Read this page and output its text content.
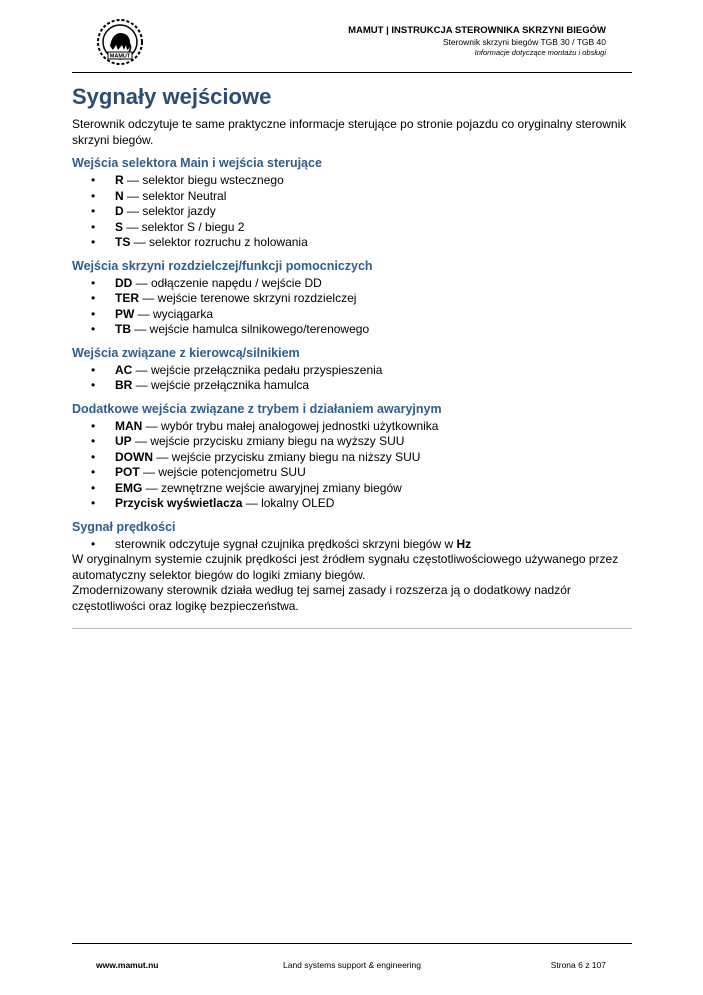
MAMUT
MAMUT | INSTRUKCJA STEROWNIKA SKRZYNI BIEGÓW
Sterownik skrzyni biegów TGB 30 / TGB 40
Informacje dotyczące montażu i obsługi
Sygnały wejściowe

Sterownik odczytuje te same praktyczne informacje sterujące po stronie pojazdu co oryginalny sterownik skrzyni biegów.

Wejścia selektora Main i wejścia sterujące
• R — selektor biegu wstecznego
• N — selektor Neutral
• D — selektor jazdy
• S — selektor S / biegu 2
• TS — selektor rozruchu z holowania
Wejścia skrzyni rozdzielczej/funkcji pomocniczych
• DD — odłączenie napędu / wejście DD
• TER — wejście terenowe skrzyni rozdzielczej
• PW — wyciągarka
• TB — wejście hamulca silnikowego/terenowego
Wejścia związane z kierowcą/silnikiem
• AC — wejście przełącznika pedału przyspieszenia
• BR — wejście przełącznika hamulca
Dodatkowe wejścia związane z trybem i działaniem awaryjnym
• MAN — wybór trybu małej analogowej jednostki użytkownika
• UP — wejście przycisku zmiany biegu na wyższy SUU
• DOWN — wejście przycisku zmiany biegu na niższy SUU
• POT — wejście potencjometru SUU
• EMG — zewnętrzne wejście awaryjnej zmiany biegów
• Przycisk wyświetlacza — lokalny OLED
Sygnał prędkości
• sterownik odczytuje sygnał czujnika prędkości skrzyni biegów w Hz

W oryginalnym systemie czujnik prędkości jest źródłem sygnału częstotliwościowego używanego przez automatyczny selektor biegów do logiki zmiany biegów.

Zmodernizowany sterownik działa według tej samej zasady i rozszerza ją o dodatkowy nadzór częstotliwości oraz logikę bezpieczeństwa.

www.mamut.nu	Land systems support & engineering	Strona 6 z 107
